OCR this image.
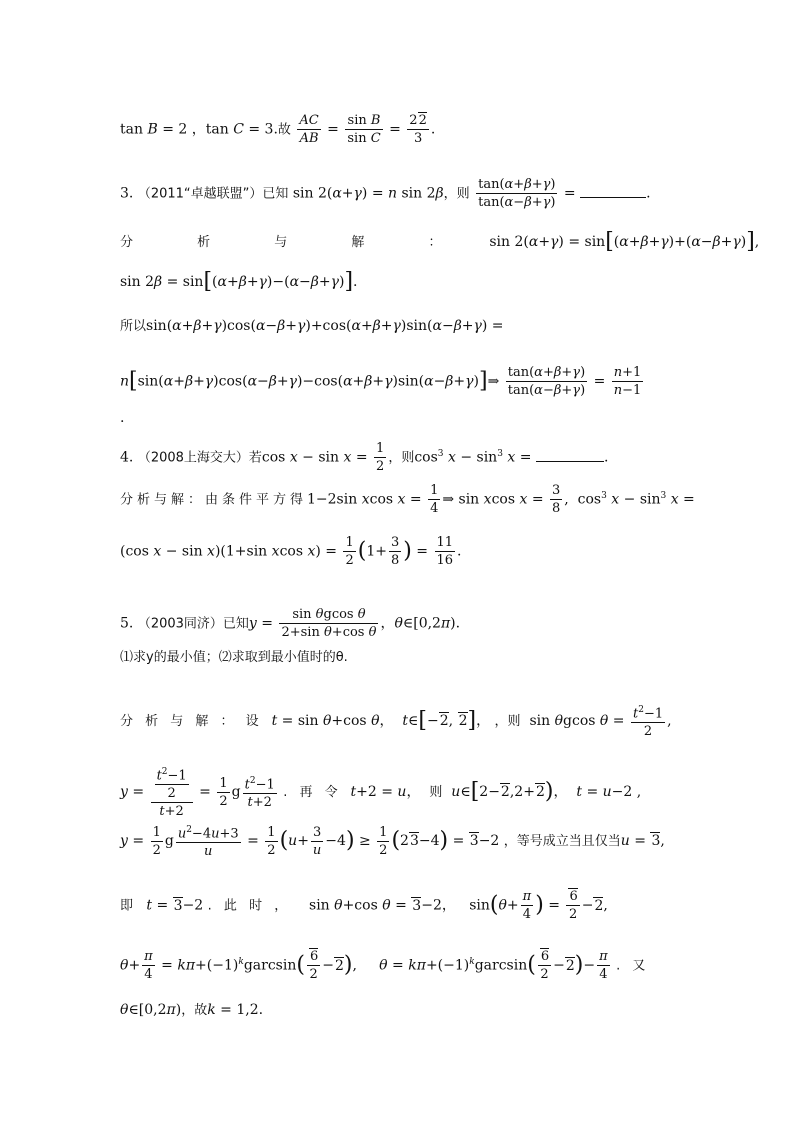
tan B = 2 ，tan C = 3.故 $\frac{AC}{AB} = \frac{\text{sin B}}{\text{sin C}} = \frac{22}{3}$ .
3. （2011“卓越联盟”）已知 sin 2(α+γ) = n sin 2β，则 $\frac{\tan(\alpha+\beta+\gamma)}{\tan(\alpha-\beta+\gamma)}$ =	.
分 析 与 解 ：    sin 2(α+γ) = sin[(α+β+γ)+(α−β+γ)],
sin 2β = sin[(α+β+γ)−(α−β+γ)].
所以sin(α+β+γ)cos(α−β+γ)+cos(α+β+γ)sin(α−β+γ) =
n[sin(α+β+γ)cos(α−β+γ)−cos(α+β+γ)sin(α−β+γ)]⇒ $\frac{\tan(\alpha+\beta+\gamma)}{\tan(\alpha-\beta+\gamma)} = \frac{n+1}{n-1}$
.
4. （2008上海交大）若$\cos x - \sin x = \frac{1}{2}$ ，则$\cos^3 x - \sin^3 x$ =	.
分析与解：由条件平方得1−2sin xcos $x = \frac{1}{4}$ ⇒ sin xcos $x = \frac{3}{8}$ ,  $\cos^3 x - \sin^3 x$ =
(cos x − sin x)(1+sin xcos $x) = \frac{1}{2} (1+ \frac{3}{8}$ ) = $\frac{11}{16}$ .
5. （2003同济）已知$y = \frac{\text{sin θgcos θ}}{\text{2+sin θ+cos θ}}$ ，θ∈[0,2π).
⑴求y的最小值；⑵求取到最小值时的θ.
分 析 与 解 ： 设 t = sin θ+cos θ，  t∈[−2, 2]， ，则  sin θgcos $\theta = \frac{t^2-1}{2}$ ,
$y = \frac{\frac{t^2-1}{2}}{t+2} = \frac{1}{2}$ g $\frac{t^2-1}{t+2}$ . 再 令 t+2 = u，  则 u∈[2−2,2+2)，  t = u−2 ,
$y = \frac{1}{2}$ g $\frac{u^2-4u+3}{u} = \frac{1}{2} (u+ \frac{3}{u} -4) \ge \frac{1}{2} (23-4) = 3-2$ ，等号成立当且仅当u = 3,
即 t = 3−2 . 此 时 ，    sin θ+cos θ = 3−2，   $\sin(\theta+ \frac{\pi}{4}$ ) = $\frac{6}{2} -2$,
$\theta+ \frac{\pi}{4} = k\pi+(-1)^kgarcsin( \frac{6}{2} -2)$,     $\theta = k\pi+(-1)^kgarcsin( \frac{6}{2} -2)- \frac{\pi}{4}$ . 又
θ∈[0,2π)，故k = 1,2.
